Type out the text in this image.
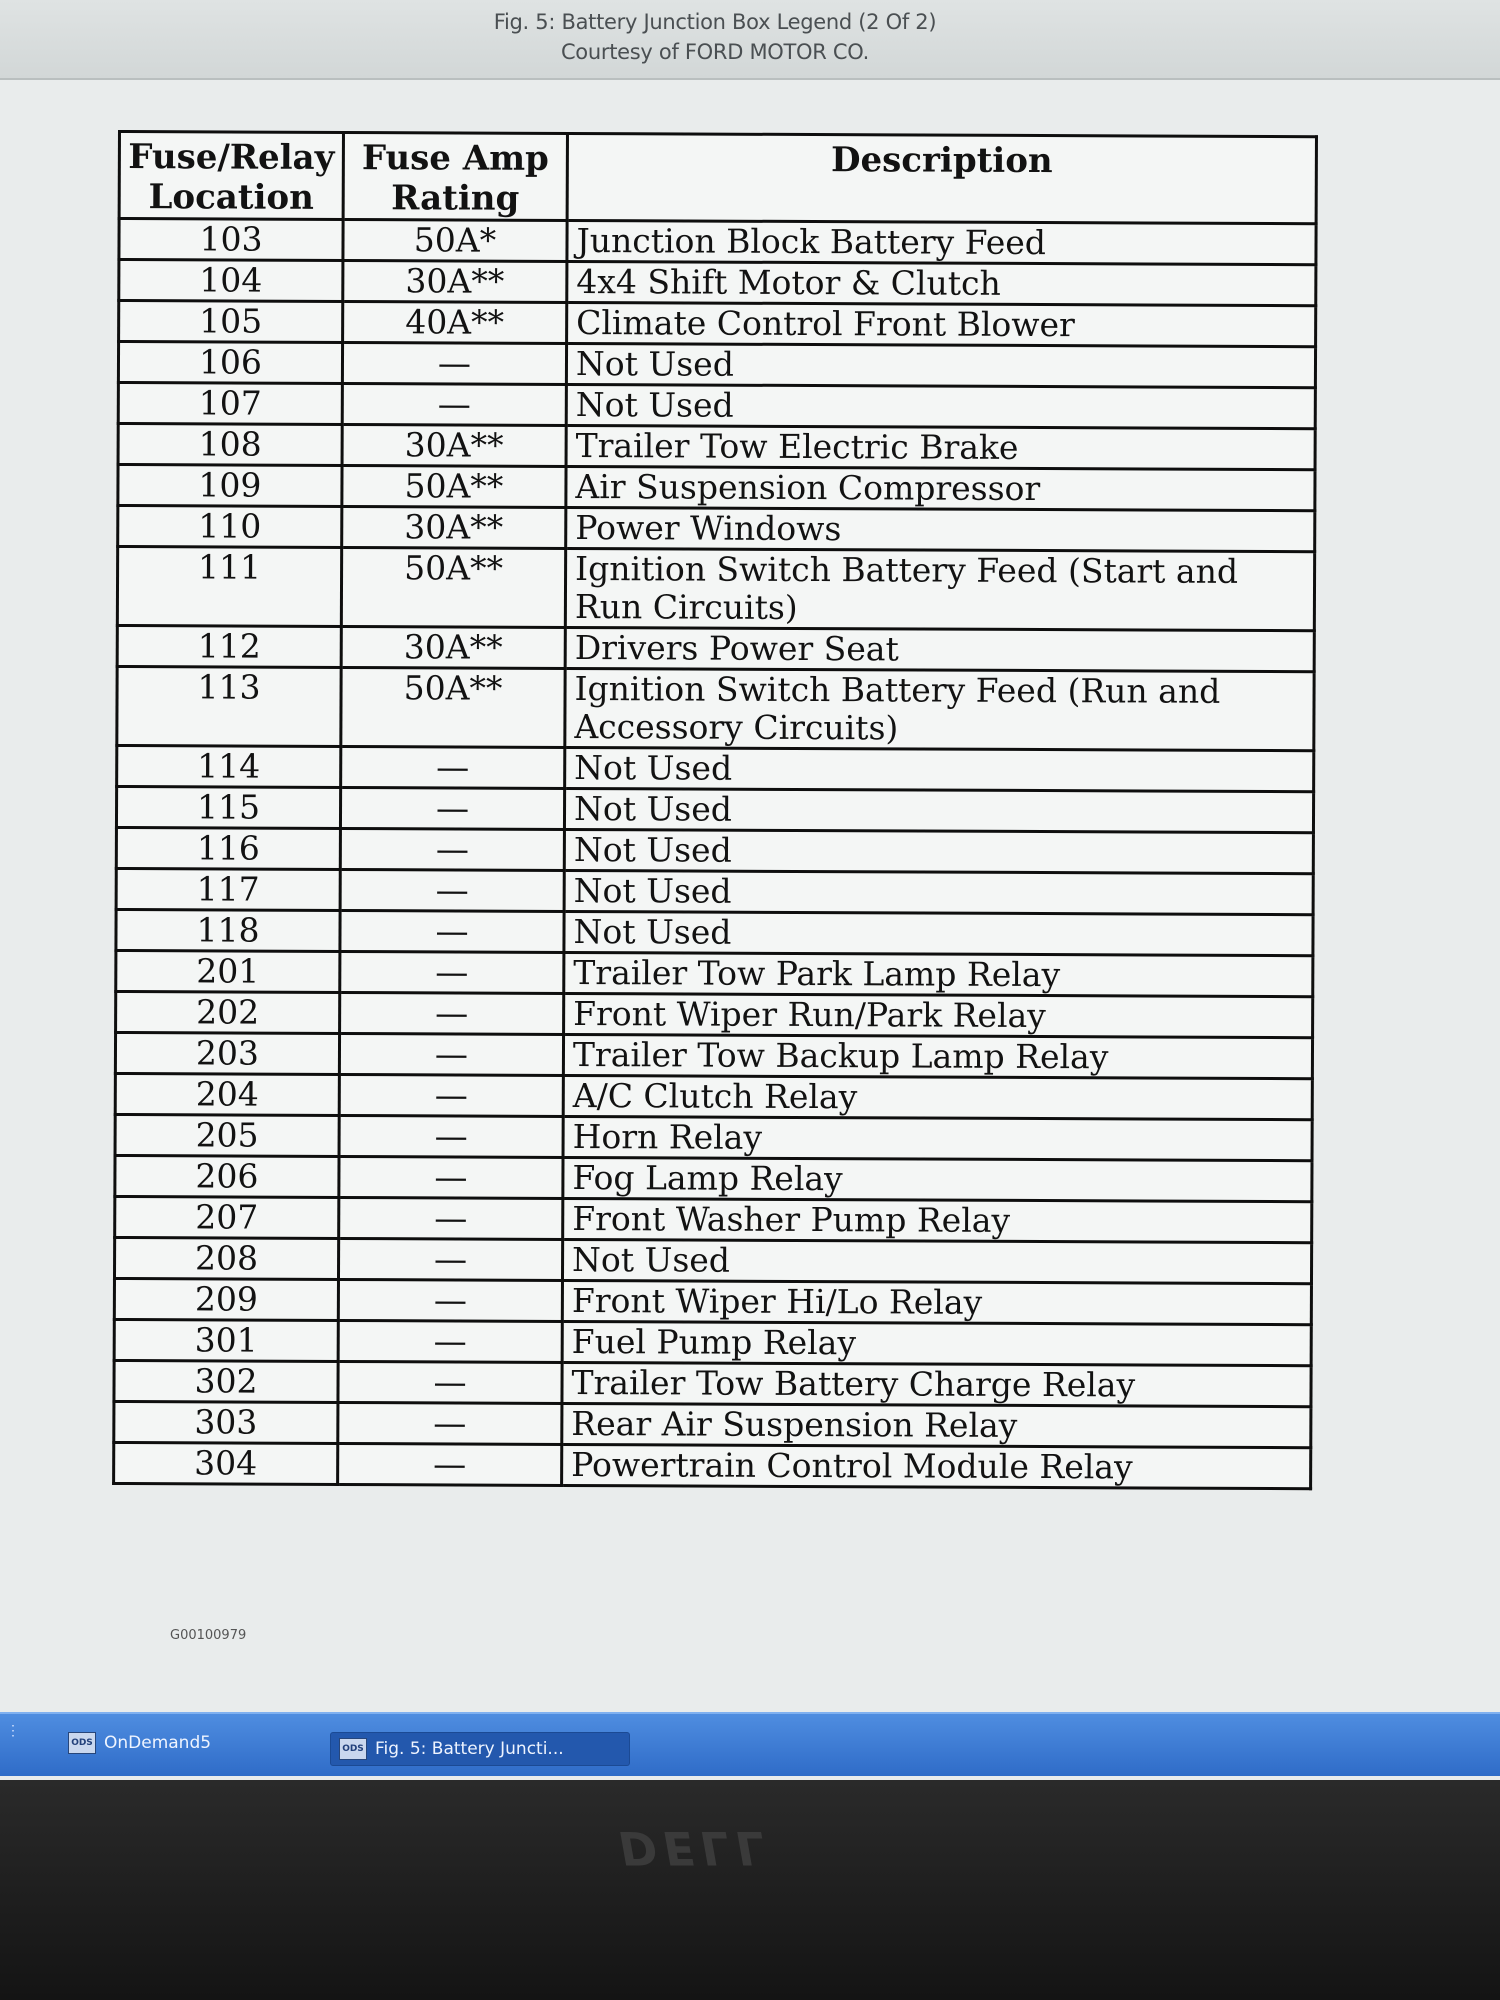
Fig. 5: Battery Junction Box Legend (2 Of 2)
Courtesy of FORD MOTOR CO.
Fuse/Relay Location	Fuse Amp Rating	Description
103	50A*	Junction Block Battery Feed
104	30A**	4x4 Shift Motor & Clutch
105	40A**	Climate Control Front Blower
106	—	Not Used
107	—	Not Used
108	30A**	Trailer Tow Electric Brake
109	50A**	Air Suspension Compressor
110	30A**	Power Windows
111	50A**	Ignition Switch Battery Feed (Start and Run Circuits)
112	30A**	Drivers Power Seat
113	50A**	Ignition Switch Battery Feed (Run and Accessory Circuits)
114	—	Not Used
115	—	Not Used
116	—	Not Used
117	—	Not Used
118	—	Not Used
201	—	Trailer Tow Park Lamp Relay
202	—	Front Wiper Run/Park Relay
203	—	Trailer Tow Backup Lamp Relay
204	—	A/C Clutch Relay
205	—	Horn Relay
206	—	Fog Lamp Relay
207	—	Front Washer Pump Relay
208	—	Not Used
209	—	Front Wiper Hi/Lo Relay
301	—	Fuel Pump Relay
302	—	Trailer Tow Battery Charge Relay
303	—	Rear Air Suspension Relay
304	—	Powertrain Control Module Relay
G00100979
⋮
ODS OnDemand5	ODS Fig. 5: Battery Juncti...
DELL
